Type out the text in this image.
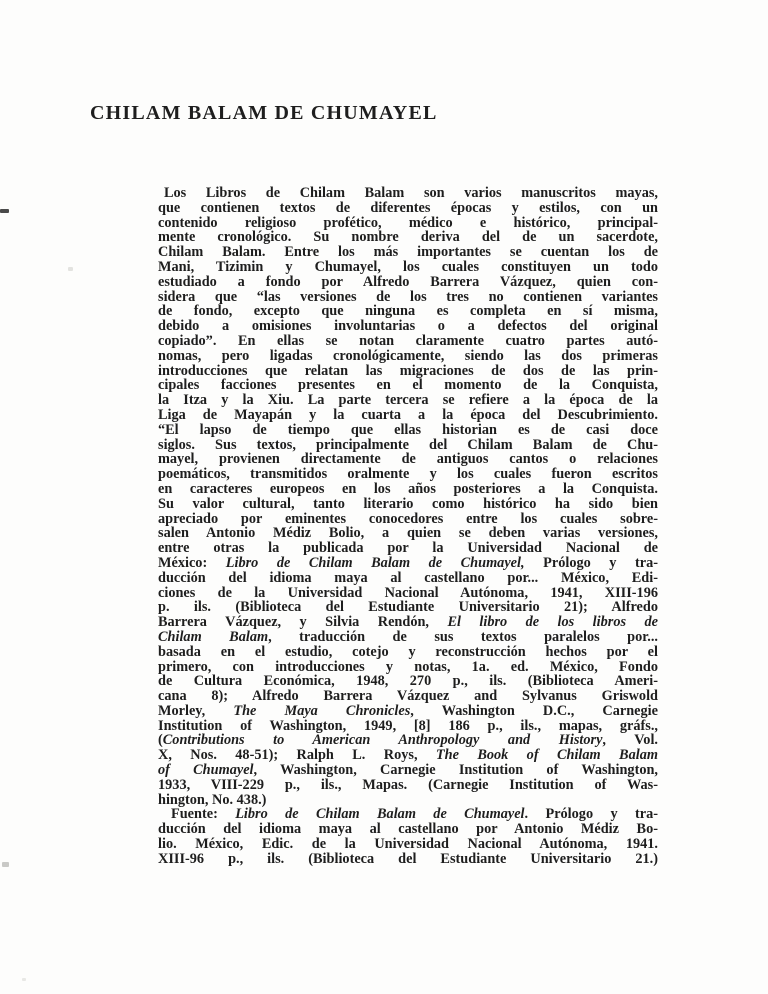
CHILAM BALAM DE CHUMAYEL
Los Libros de Chilam Balam son varios manuscritos mayas,
que contienen textos de diferentes épocas y estilos, con un
contenido religioso profético, médico e histórico, principal-
mente cronológico. Su nombre deriva del de un sacerdote,
Chilam Balam. Entre los más importantes se cuentan los de
Mani, Tizimin y Chumayel, los cuales constituyen un todo
estudiado a fondo por Alfredo Barrera Vázquez, quien con-
sidera que “las versiones de los tres no contienen variantes
de fondo, excepto que ninguna es completa en sí misma,
debido a omisiones involuntarias o a defectos del original
copiado”. En ellas se notan claramente cuatro partes autó-
nomas, pero ligadas cronológicamente, siendo las dos primeras
introducciones que relatan las migraciones de dos de las prin-
cipales facciones presentes en el momento de la Conquista,
la Itza y la Xiu. La parte tercera se refiere a la época de la
Liga de Mayapán y la cuarta a la época del Descubrimiento.
“El lapso de tiempo que ellas historian es de casi doce
siglos. Sus textos, principalmente del Chilam Balam de Chu-
mayel, provienen directamente de antiguos cantos o relaciones
poemáticos, transmitidos oralmente y los cuales fueron escritos
en caracteres europeos en los años posteriores a la Conquista.
Su valor cultural, tanto literario como histórico ha sido bien
apreciado por eminentes conocedores entre los cuales sobre-
salen Antonio Médiz Bolio, a quien se deben varias versiones,
entre otras la publicada por la Universidad Nacional de
México: Libro de Chilam Balam de Chumayel, Prólogo y tra-
ducción del idioma maya al castellano por... México, Edi-
ciones de la Universidad Nacional Autónoma, 1941, XIII-196
p. ils. (Biblioteca del Estudiante Universitario 21); Alfredo
Barrera Vázquez, y Silvia Rendón, El libro de los libros de
Chilam Balam, traducción de sus textos paralelos por...
basada en el estudio, cotejo y reconstrucción hechos por el
primero, con introducciones y notas, 1a. ed. México, Fondo
de Cultura Económica, 1948, 270 p., ils. (Biblioteca Ameri-
cana 8); Alfredo Barrera Vázquez and Sylvanus Griswold
Morley, The Maya Chronicles, Washington D.C., Carnegie
Institution of Washington, 1949, [8] 186 p., ils., mapas, gráfs.,
(Contributions to American Anthropology and History, Vol.
X, Nos. 48-51); Ralph L. Roys, The Book of Chilam Balam
of Chumayel, Washington, Carnegie Institution of Washington,
1933, VIII-229 p., ils., Mapas. (Carnegie Institution of Was-
hington, No. 438.)
Fuente: Libro de Chilam Balam de Chumayel. Prólogo y tra-
ducción del idioma maya al castellano por Antonio Médiz Bo-
lio. México, Edic. de la Universidad Nacional Autónoma, 1941.
XIII-96 p., ils. (Biblioteca del Estudiante Universitario 21.)
